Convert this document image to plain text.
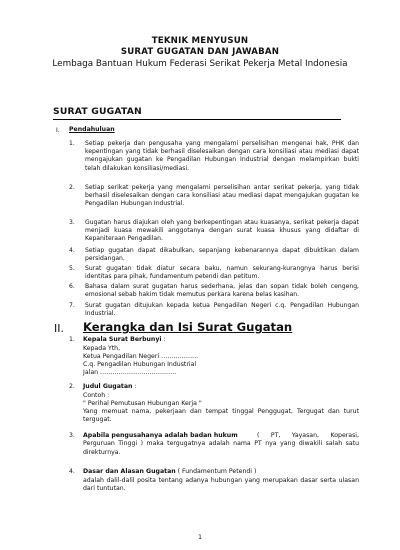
TEKNIK MENYUSUN
SURAT GUGATAN DAN JAWABAN
Lembaga Bantuan Hukum Federasi Serikat Pekerja Metal Indonesia
SURAT GUGATAN
I. Pendahuluan
1.	Setiap pekerja dan pengusaha yang mengalami perselisihan mengenai hak, PHK dan kepentingan yang tidak berhasil diselesaikan dengan cara konsiliasi atau mediasi dapat mengajukan gugatan ke Pengadilan Hubungan Industrial dengan melampirkan bukti telah dilakukan konsiliasi/mediasi.
2.	Setiap serikat pekerja yang mengalami perselisihan antar serikat pekerja, yang tidak berhasil diselesaikan dengan cara konsiliasi atau mediasi dapat mengajukan gugatan ke Pengadilan Hubungan Industrial.
3.	Gugatan harus diajukan oleh yang berkepentingan atau kuasanya, serikat pekerja dapat menjadi kuasa mewakili anggotanya dengan surat kuasa khusus yang didaftar di Kepaniteraan Pengadilan.
4.	Setiap gugatan dapat dikabulkan, sepanjang kebenarannya dapat dibuktikan dalam persidangan.
5.	Surat gugatan tidak diatur secara baku, namun sekurang-kurangnya harus berisi identitas para pihak, fundamentum petendi dan petitum.
6.	Bahasa dalam surat gugatan harus sederhana, jelas dan sopan tidak boleh cengeng, emosional sebab hakim tidak memutus perkara karena belas kasihan.
7.	Surat gugatan ditujukan kepada ketua Pengadilan Negeri c.q. Pengadilan Hubungan Industrial.
II. Kerangka dan Isi Surat Gugatan
1. Kepala Surat Berbunyi :
Kepada Yth,
Ketua Pengadilan Negeri ………………
C.q. Pengadilan Hubungan Industrial
Jalan ……………………………….
2. Judul Gugatan :
Contoh :
" Perihal Pemutusan Hubungan Kerja "
Yang memuat nama, pekerjaan dan tempat tinggal Penggugat, Tergugat dan turut tergugat.
3. Apabila pengusahanya adalah badan hukum	( PT, Yayasan, Koperasi, Perguruan Tinggi ) maka tergugatnya adalah nama PT nya yang diwakili salah satu direkturnya.
4. Dasar dan Alasan Gugatan ( Fundamentum Petendi )
adalah dalil-dalil posita tentang adanya hubungan yang merupakan dasar serta ulasan dari tuntutan.
1
